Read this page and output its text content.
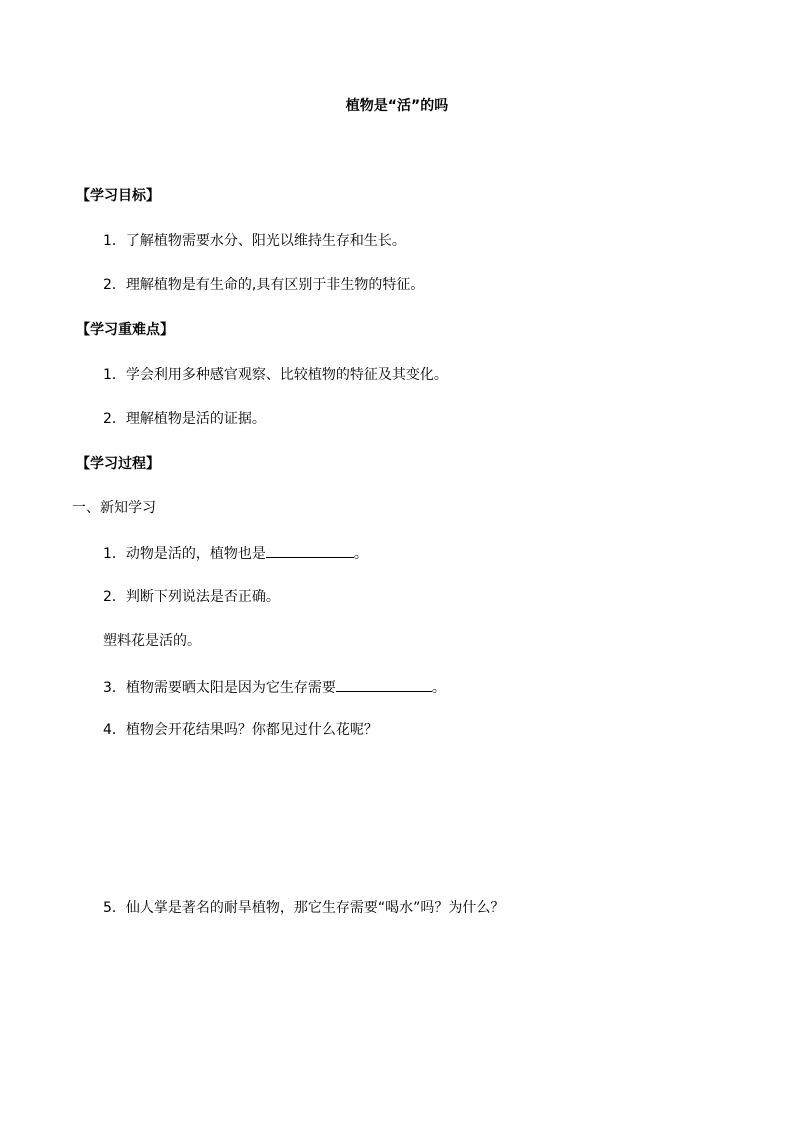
植物是“活”的吗
【学习目标】
1．了解植物需要水分、阳光以维持生存和生长。
2．理解植物是有生命的,具有区别于非生物的特征。
【学习重难点】
1．学会利用多种感官观察、比较植物的特征及其变化。
2．理解植物是活的证据。
【学习过程】
一、新知学习
1．动物是活的，植物也是	。
2．判断下列说法是否正确。
塑料花是活的。
3．植物需要晒太阳是因为它生存需要	。
4．植物会开花结果吗？你都见过什么花呢？
5．仙人掌是著名的耐旱植物，那它生存需要“喝水”吗？为什么？
